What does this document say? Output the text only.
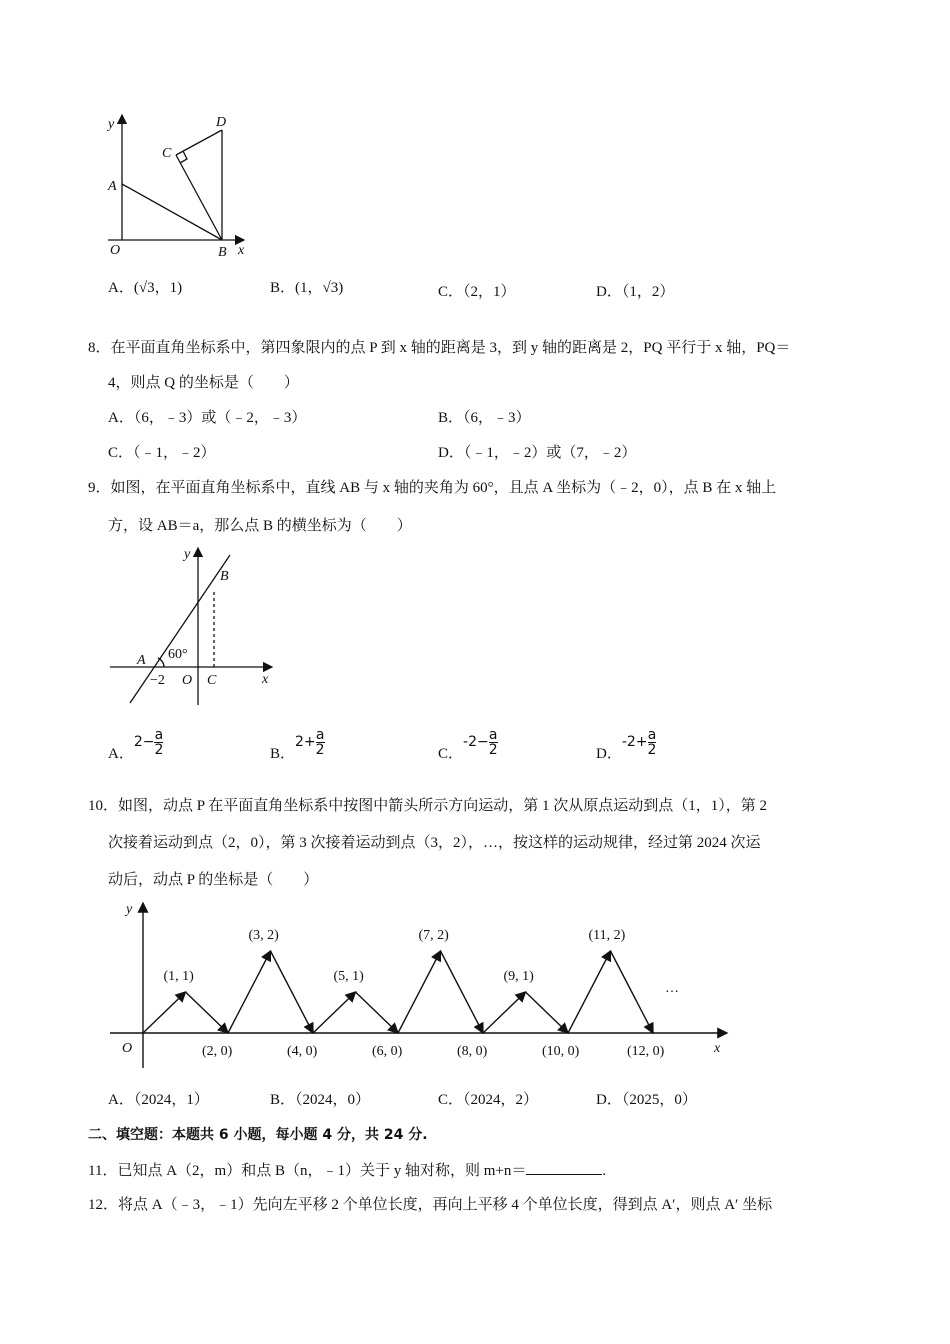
y
O
A
B
C
D
x
y
x
B
A 60°
−2 O C
(1, 1)
(2, 0)
(3, 2)
(4, 0)
(5, 1)
(6, 0)
(7, 2)
(8, 0)
(9, 1)
(10, 0)
(11, 2)
(12, 0)
y
x
O
…
A．(√3，1)	B．(1，√3)	C．（2，1）	D．（1，2）
8．在平面直角坐标系中，第四象限内的点 P 到 x 轴的距离是 3，到 y 轴的距离是 2，PQ 平行于 x 轴，PQ＝
4，则点 Q 的坐标是（　　）
A．（6，﹣3）或（﹣2，﹣3）	B．（6，﹣3）
C．（﹣1，﹣2）	D．（﹣1，﹣2）或（7，﹣2）
9．如图，在平面直角坐标系中，直线 AB 与 x 轴的夹角为 60°，且点 A 坐标为（﹣2，0），点 B 在 x 轴上
方，设 AB＝a，那么点 B 的横坐标为（　　）
A．$2- \frac{a}{2}$	B．$2+ \frac{a}{2}$	C．$-2- \frac{a}{2}$	D．$-2+ \frac{a}{2}$
10．如图，动点 P 在平面直角坐标系中按图中箭头所示方向运动，第 1 次从原点运动到点（1，1），第 2
次接着运动到点（2，0），第 3 次接着运动到点（3，2），…，按这样的运动规律，经过第 2024 次运
动后，动点 P 的坐标是（　　）
A．（2024，1）	B．（2024，0）	C．（2024，2）	D．（2025，0）
二、填空题：本题共 6 小题，每小题 4 分，共 24 分.
11．已知点 A（2，m）和点 B（n，﹣1）关于 y 轴对称，则 m+n＝	.
12．将点 A（﹣3，﹣1）先向左平移 2 个单位长度，再向上平移 4 个单位长度，得到点 A′，则点 A′ 坐标
